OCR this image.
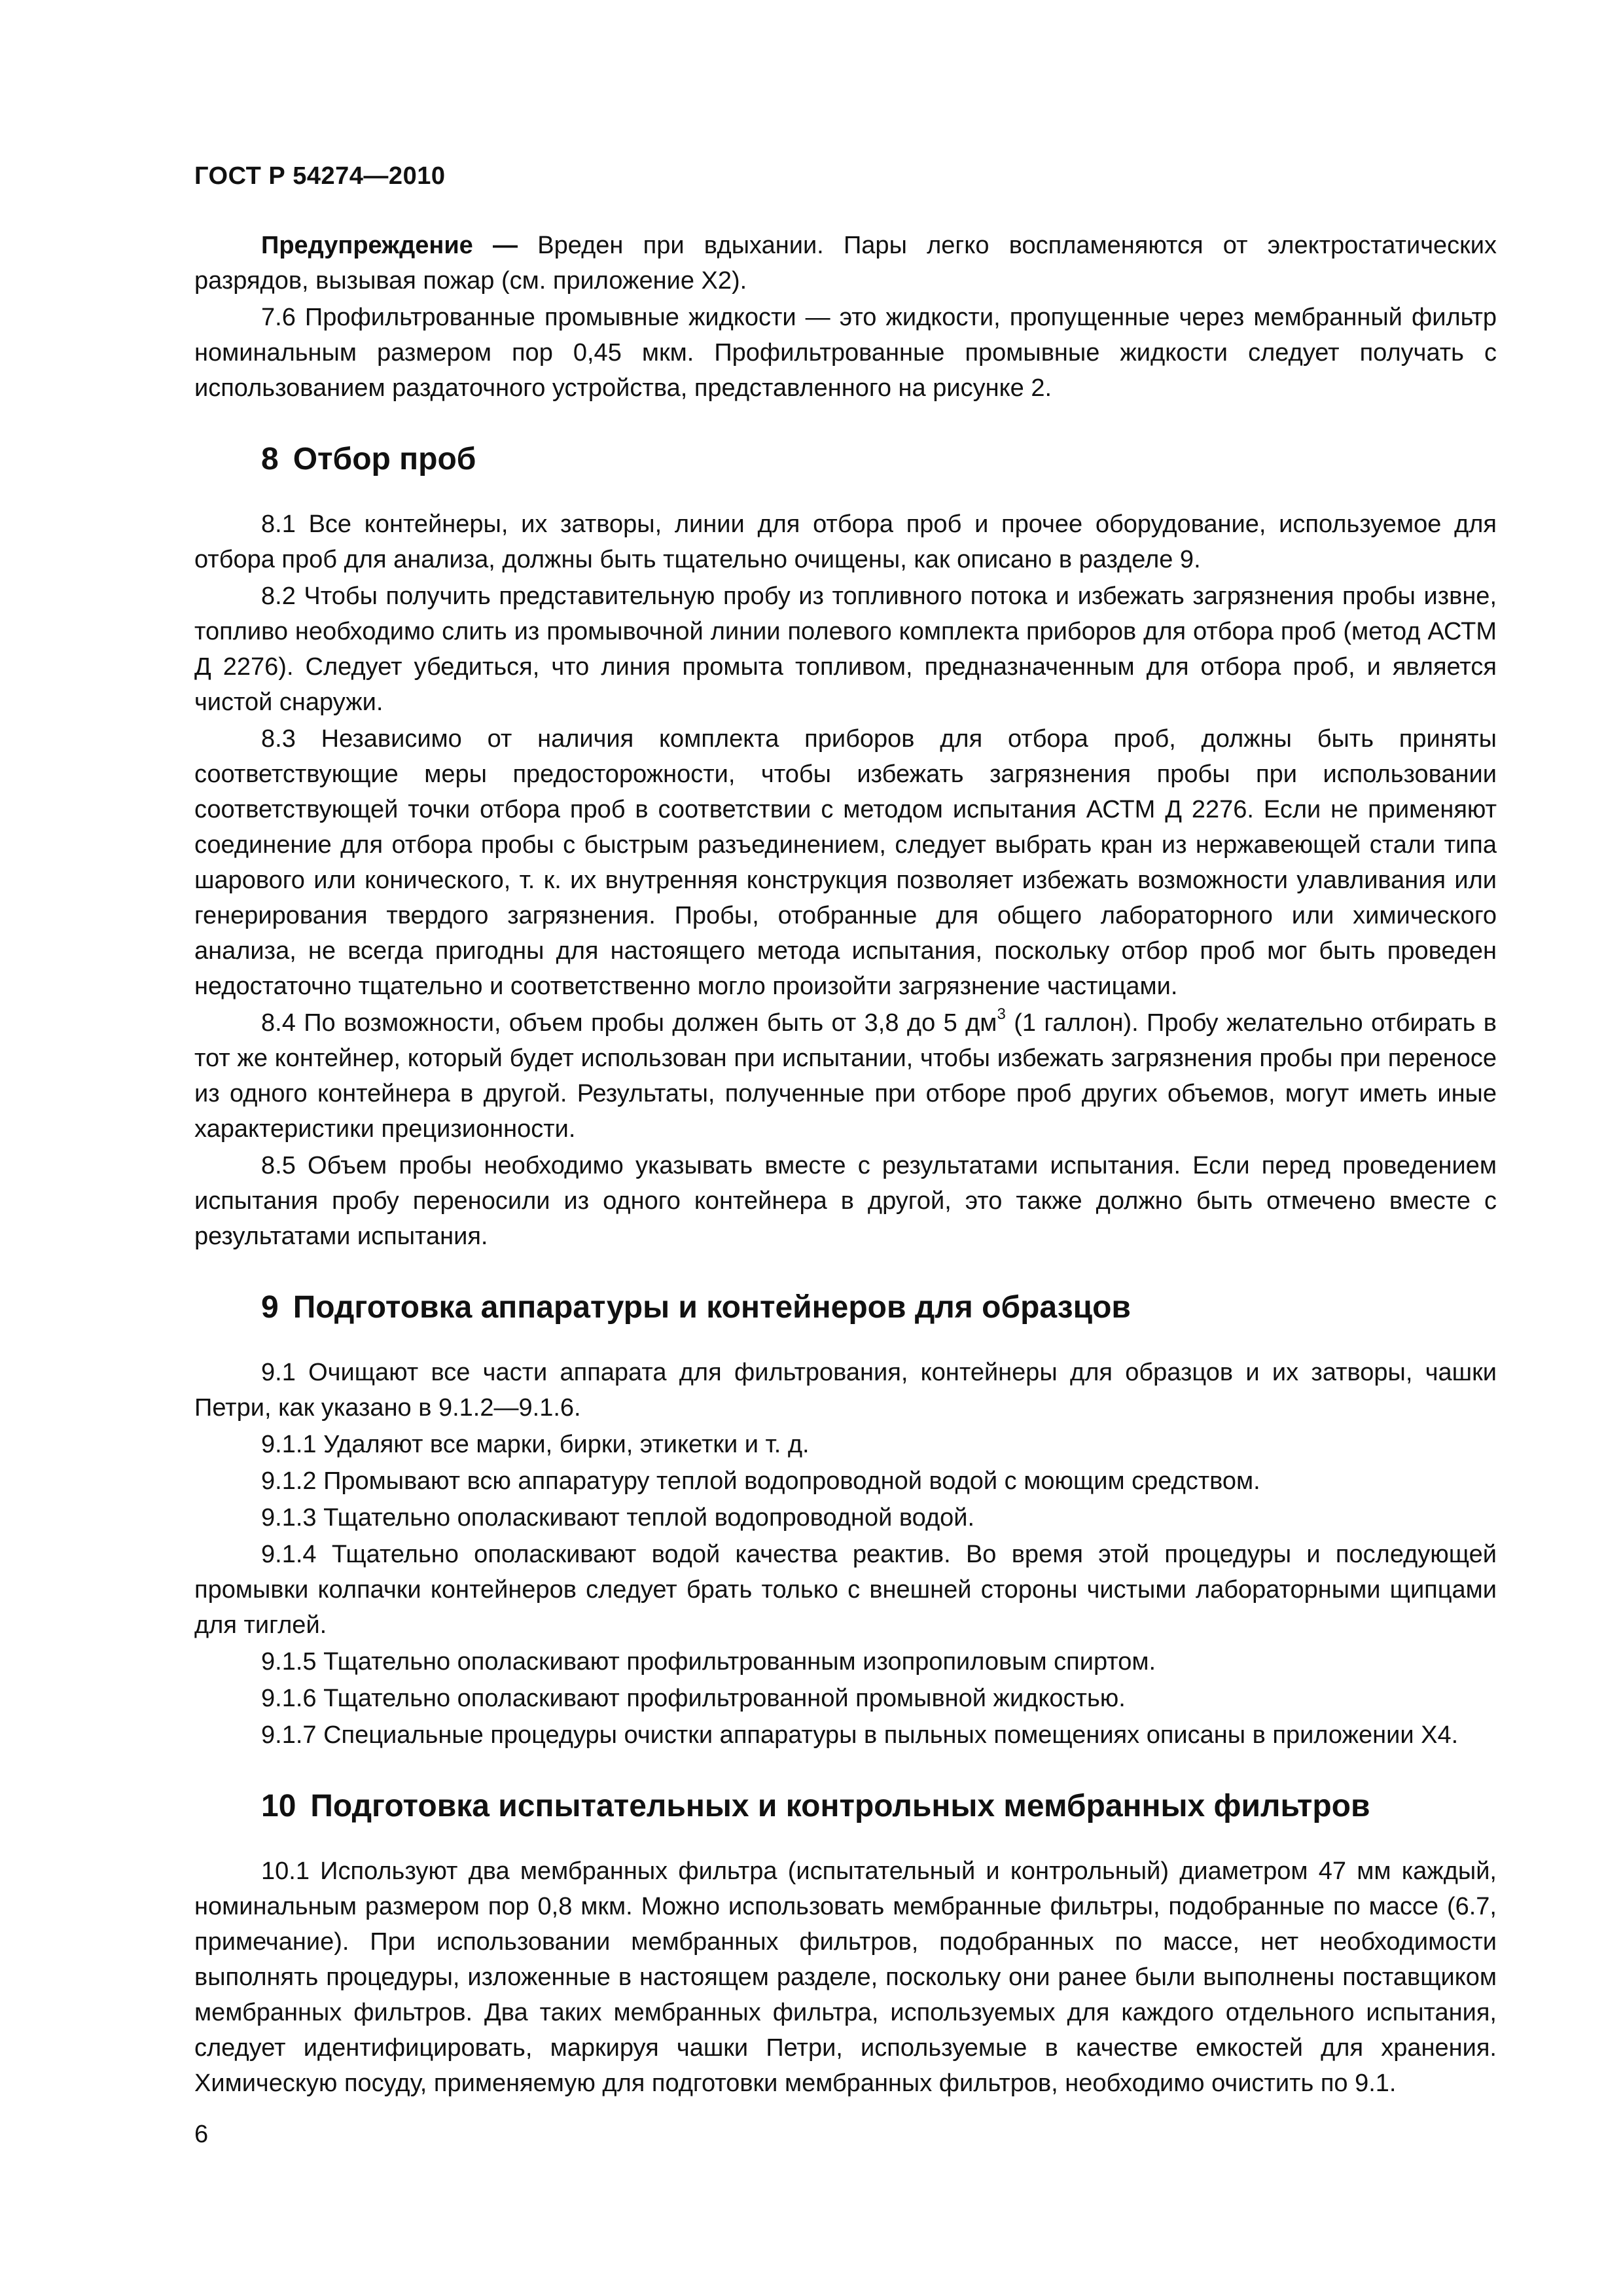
ГОСТ Р 54274—2010

Предупреждение — Вреден при вдыхании. Пары легко воспламеняются от электростатических разрядов, вызывая пожар (см. приложение X2).

7.6 Профильтрованные промывные жидкости — это жидкости, пропущенные через мембранный фильтр номинальным размером пор 0,45 мкм. Профильтрованные промывные жидкости следует получать с использованием раздаточного устройства, представленного на рисунке 2.

8 Отбор проб

8.1 Все контейнеры, их затворы, линии для отбора проб и прочее оборудование, используемое для отбора проб для анализа, должны быть тщательно очищены, как описано в разделе 9.

8.2 Чтобы получить представительную пробу из топливного потока и избежать загрязнения пробы извне, топливо необходимо слить из промывочной линии полевого комплекта приборов для отбора проб (метод АСТМ Д 2276). Следует убедиться, что линия промыта топливом, предназначенным для отбора проб, и является чистой снаружи.

8.3 Независимо от наличия комплекта приборов для отбора проб, должны быть приняты соответствующие меры предосторожности, чтобы избежать загрязнения пробы при использовании соответствующей точки отбора проб в соответствии с методом испытания АСТМ Д 2276. Если не применяют соединение для отбора пробы с быстрым разъединением, следует выбрать кран из нержавеющей стали типа шарового или конического, т. к. их внутренняя конструкция позволяет избежать возможности улавливания или генерирования твердого загрязнения. Пробы, отобранные для общего лабораторного или химического анализа, не всегда пригодны для настоящего метода испытания, поскольку отбор проб мог быть проведен недостаточно тщательно и соответственно могло произойти загрязнение частицами.

8.4 По возможности, объем пробы должен быть от 3,8 до 5 $дм^3$ (1 галлон). Пробу желательно отбирать в тот же контейнер, который будет использован при испытании, чтобы избежать загрязнения пробы при переносе из одного контейнера в другой. Результаты, полученные при отборе проб других объемов, могут иметь иные характеристики прецизионности.

8.5 Объем пробы необходимо указывать вместе с результатами испытания. Если перед проведением испытания пробу переносили из одного контейнера в другой, это также должно быть отмечено вместе с результатами испытания.

9 Подготовка аппаратуры и контейнеров для образцов

9.1 Очищают все части аппарата для фильтрования, контейнеры для образцов и их затворы, чашки Петри, как указано в 9.1.2—9.1.6.

9.1.1 Удаляют все марки, бирки, этикетки и т. д.

9.1.2 Промывают всю аппаратуру теплой водопроводной водой с моющим средством.

9.1.3 Тщательно ополаскивают теплой водопроводной водой.

9.1.4 Тщательно ополаскивают водой качества реактив. Во время этой процедуры и последующей промывки колпачки контейнеров следует брать только с внешней стороны чистыми лабораторными щипцами для тиглей.

9.1.5 Тщательно ополаскивают профильтрованным изопропиловым спиртом.

9.1.6 Тщательно ополаскивают профильтрованной промывной жидкостью.

9.1.7 Специальные процедуры очистки аппаратуры в пыльных помещениях описаны в приложении X4.

10 Подготовка испытательных и контрольных мембранных фильтров

10.1 Используют два мембранных фильтра (испытательный и контрольный) диаметром 47 мм каждый, номинальным размером пор 0,8 мкм. Можно использовать мембранные фильтры, подобранные по массе (6.7, примечание). При использовании мембранных фильтров, подобранных по массе, нет необходимости выполнять процедуры, изложенные в настоящем разделе, поскольку они ранее были выполнены поставщиком мембранных фильтров. Два таких мембранных фильтра, используемых для каждого отдельного испытания, следует идентифицировать, маркируя чашки Петри, используемые в качестве емкостей для хранения. Химическую посуду, применяемую для подготовки мембранных фильтров, необходимо очистить по 9.1.

6
